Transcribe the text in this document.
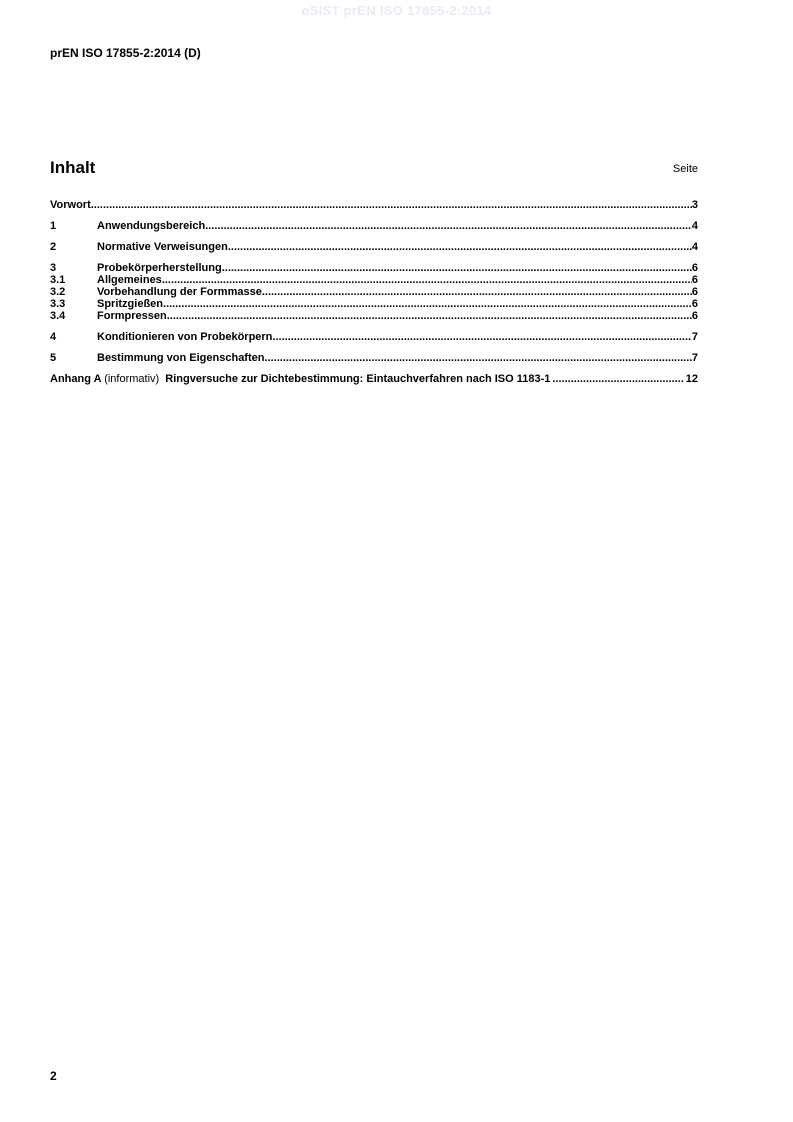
oSIST prEN ISO 17855-2:2014
prEN ISO 17855-2:2014 (D)
Inhalt	Seite
Vorwort .....	3
1	Anwendungsbereich .....	4
2	Normative Verweisungen .....	4
3	Probekörperherstellung .....	6
3.1	Allgemeines .....	6
3.2	Vorbehandlung der Formmasse .....	6
3.3	Spritzgießen .....	6
3.4	Formpressen .....	6
4	Konditionieren von Probekörpern .....	7
5	Bestimmung von Eigenschaften .....	7
Anhang A (informativ) Ringversuche zur Dichtebestimmung: Eintauchverfahren nach ISO 1183-1 .....	12
2
